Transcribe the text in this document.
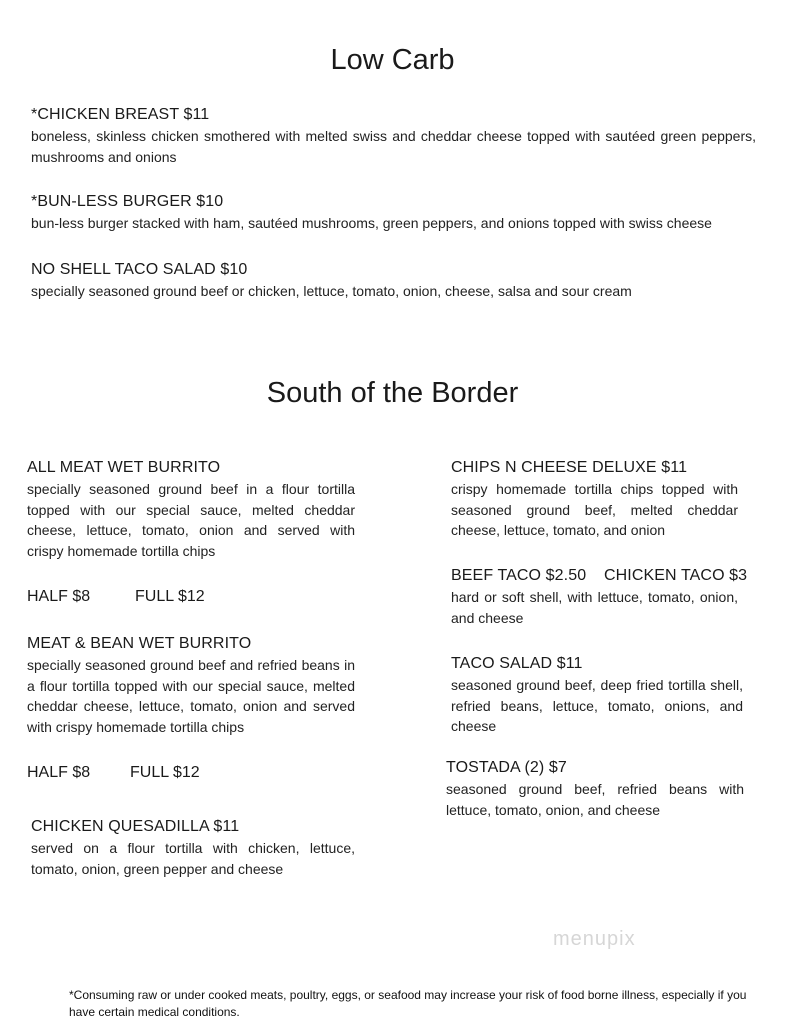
Low Carb
*CHICKEN BREAST $11
boneless, skinless chicken smothered with melted swiss and cheddar cheese topped with sautéed green peppers, mushrooms and onions
*BUN-LESS BURGER $10
bun-less burger stacked with ham, sautéed mushrooms, green peppers, and onions topped with swiss cheese
NO SHELL TACO SALAD $10
specially seasoned ground beef or chicken, lettuce, tomato, onion, cheese, salsa and sour cream
South of the Border
ALL MEAT WET BURRITO
specially seasoned ground beef in a flour tortilla topped with our special sauce, melted cheddar cheese, lettuce, tomato, onion and served with crispy homemade tortilla chips
HALF $8	FULL $12
MEAT & BEAN WET BURRITO
specially seasoned ground beef and refried beans in a flour tortilla topped with our special sauce, melted cheddar cheese, lettuce, tomato, onion and served with crispy homemade tortilla chips
HALF $8 FULL $12
CHICKEN QUESADILLA $11
served on a flour tortilla with chicken, lettuce, tomato, onion, green pepper and cheese
CHIPS N CHEESE DELUXE $11
crispy homemade tortilla chips topped with seasoned ground beef, melted cheddar cheese, lettuce, tomato, and onion
BEEF TACO $2.50 CHICKEN TACO $3
hard or soft shell, with lettuce, tomato, onion, and cheese
TACO SALAD $11
seasoned ground beef, deep fried tortilla shell, refried beans, lettuce, tomato, onions, and cheese
TOSTADA (2) $7
seasoned ground beef, refried beans with lettuce, tomato, onion, and cheese
menupix
*Consuming raw or under cooked meats, poultry, eggs, or seafood may increase your risk of food borne illness, especially if you have certain medical conditions.
